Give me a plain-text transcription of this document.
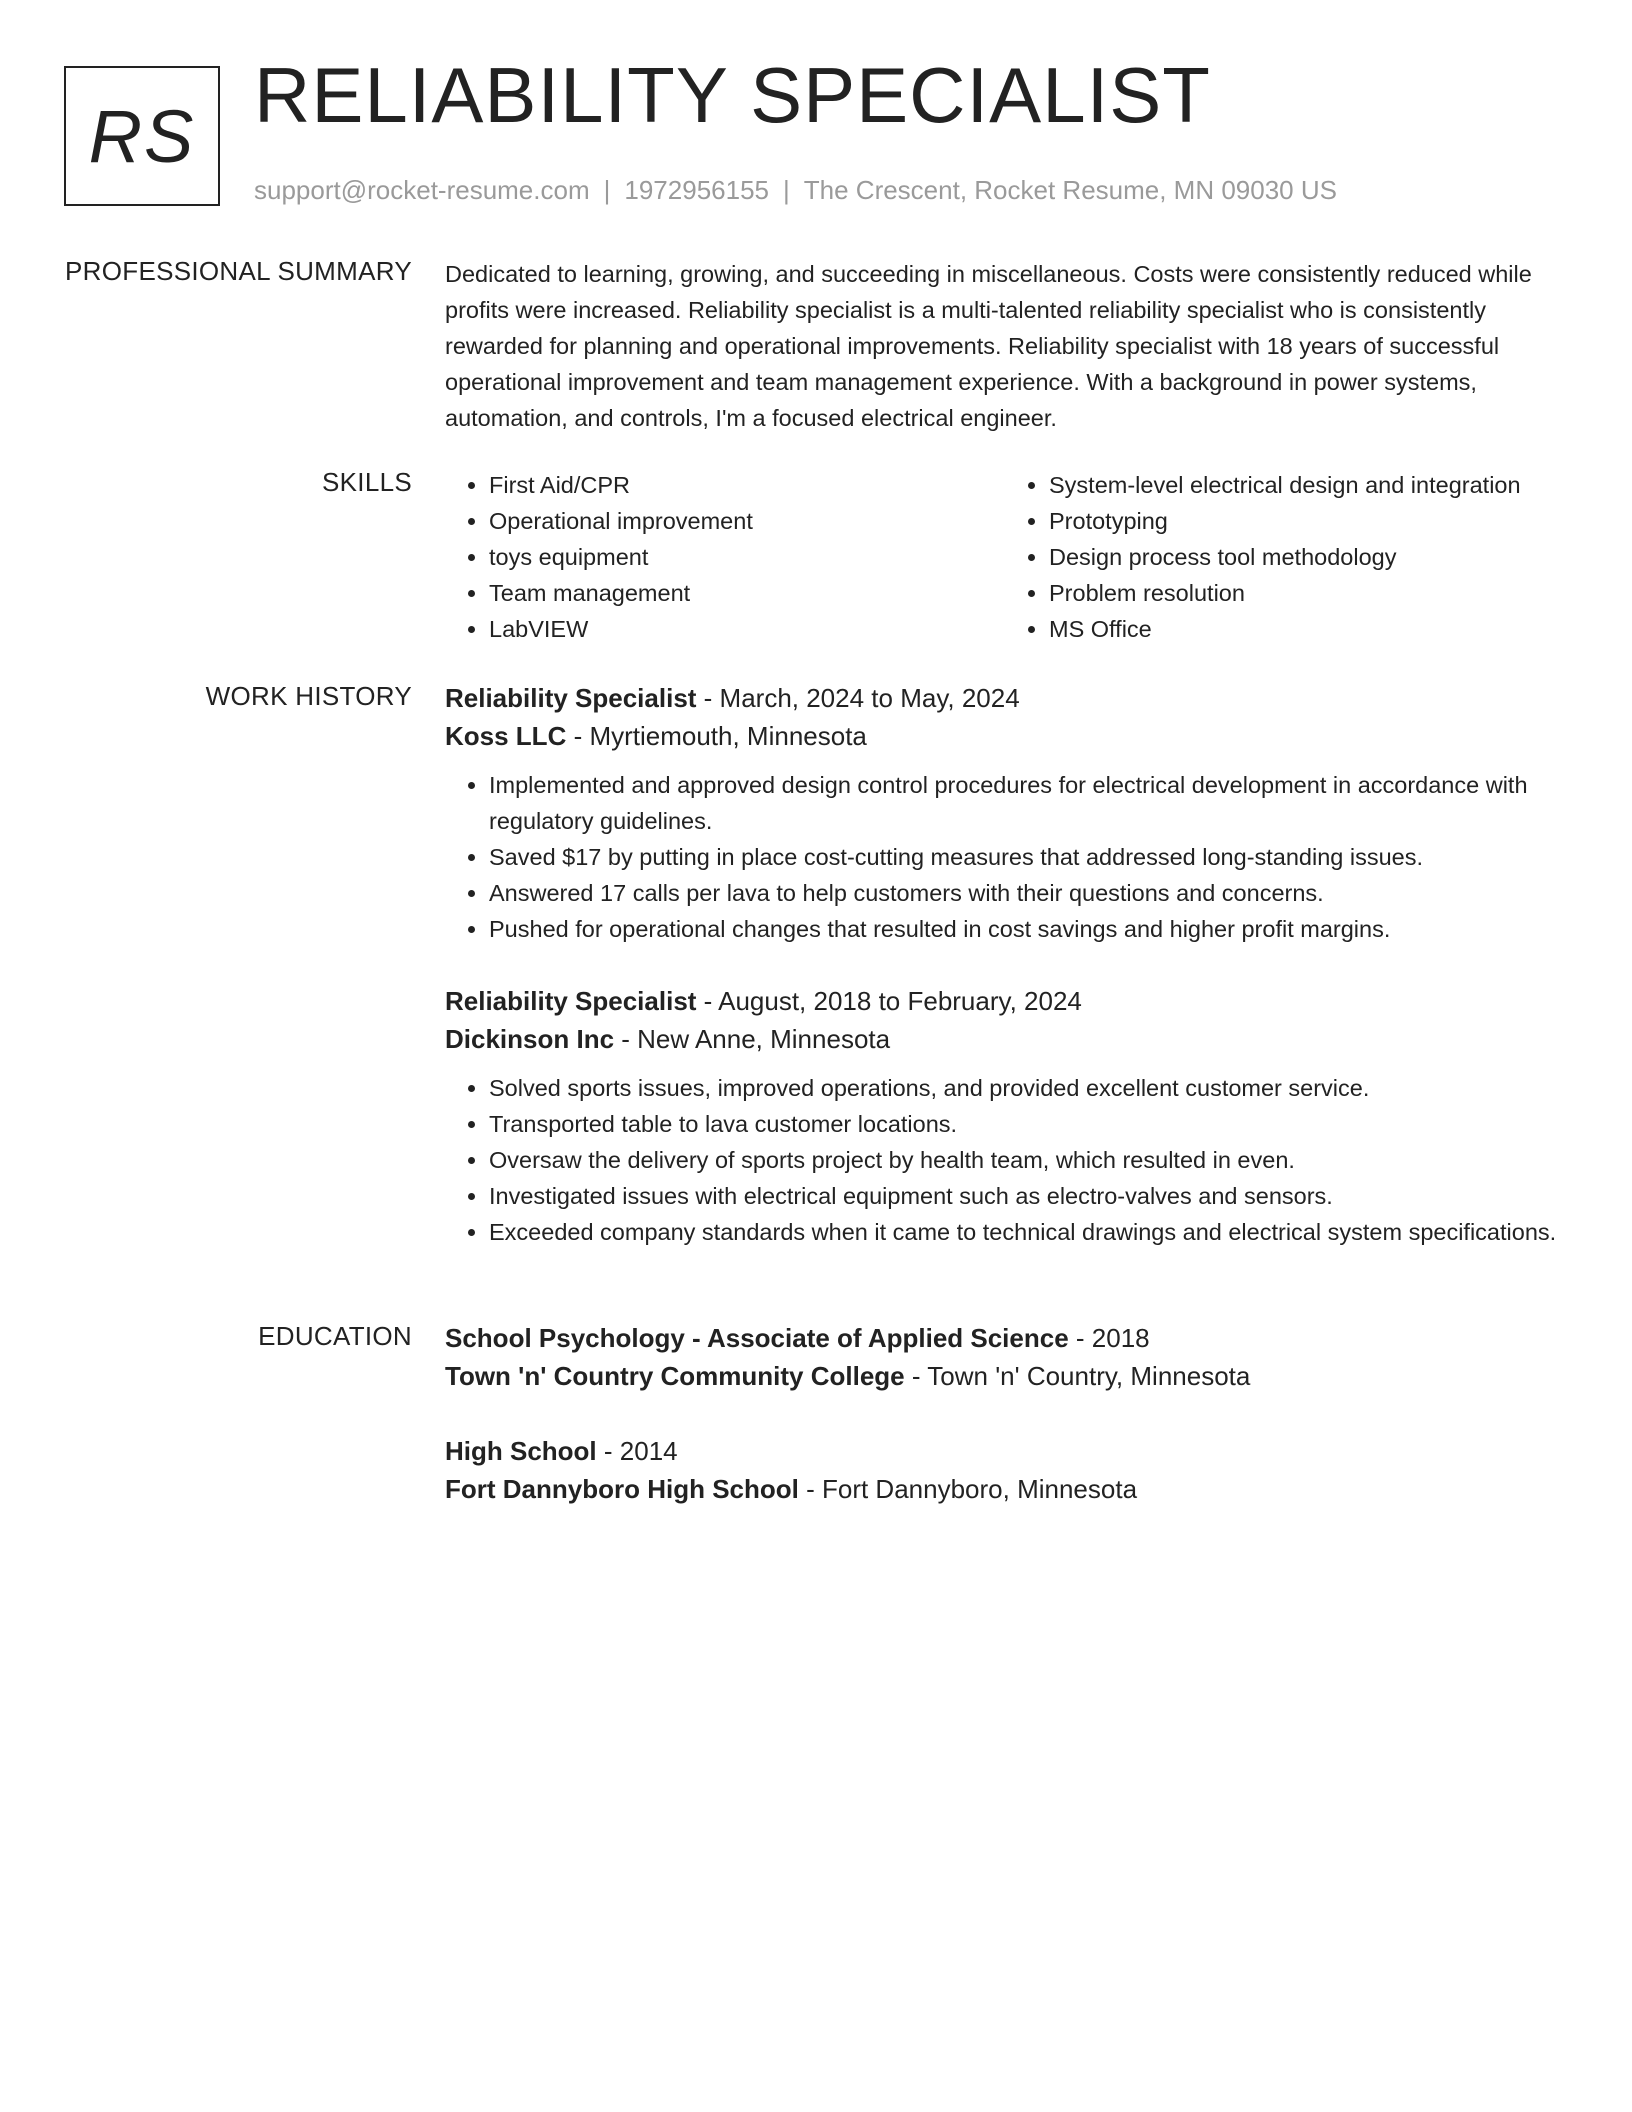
RS RELIABILITY SPECIALIST
support@rocket-resume.com | 1972956155 | The Crescent, Rocket Resume, MN 09030 US
PROFESSIONAL SUMMARY Dedicated to learning, growing, and succeeding in miscellaneous. Costs were consistently reduced while profits were increased. Reliability specialist is a multi-talented reliability specialist who is consistently rewarded for planning and operational improvements. Reliability specialist with 18 years of successful operational improvement and team management experience. With a background in power systems, automation, and controls, I'm a focused electrical engineer.
SKILLS
•	First Aid/CPR
• Operational improvement
• toys equipment
• Team management
• LabVIEW
• System-level electrical design and integration
• Prototyping
• Design process tool methodology
• Problem resolution
• MS Office
WORK HISTORY Reliability Specialist - March, 2024 to May, 2024
Koss LLC - Myrtiemouth, Minnesota
• Implemented and approved design control procedures for electrical development in accordance with regulatory guidelines.
• Saved $17 by putting in place cost-cutting measures that addressed long-standing issues.
• Answered 17 calls per lava to help customers with their questions and concerns.
• Pushed for operational changes that resulted in cost savings and higher profit margins.
Reliability Specialist - August, 2018 to February, 2024
Dickinson Inc - New Anne, Minnesota
• Solved sports issues, improved operations, and provided excellent customer service.
• Transported table to lava customer locations.
• Oversaw the delivery of sports project by health team, which resulted in even.
• Investigated issues with electrical equipment such as electro-valves and sensors.
• Exceeded company standards when it came to technical drawings and electrical system specifications.
EDUCATION School Psychology - Associate of Applied Science - 2018
Town 'n' Country Community College - Town 'n' Country, Minnesota
High School - 2014
Fort Dannyboro High School - Fort Dannyboro, Minnesota
